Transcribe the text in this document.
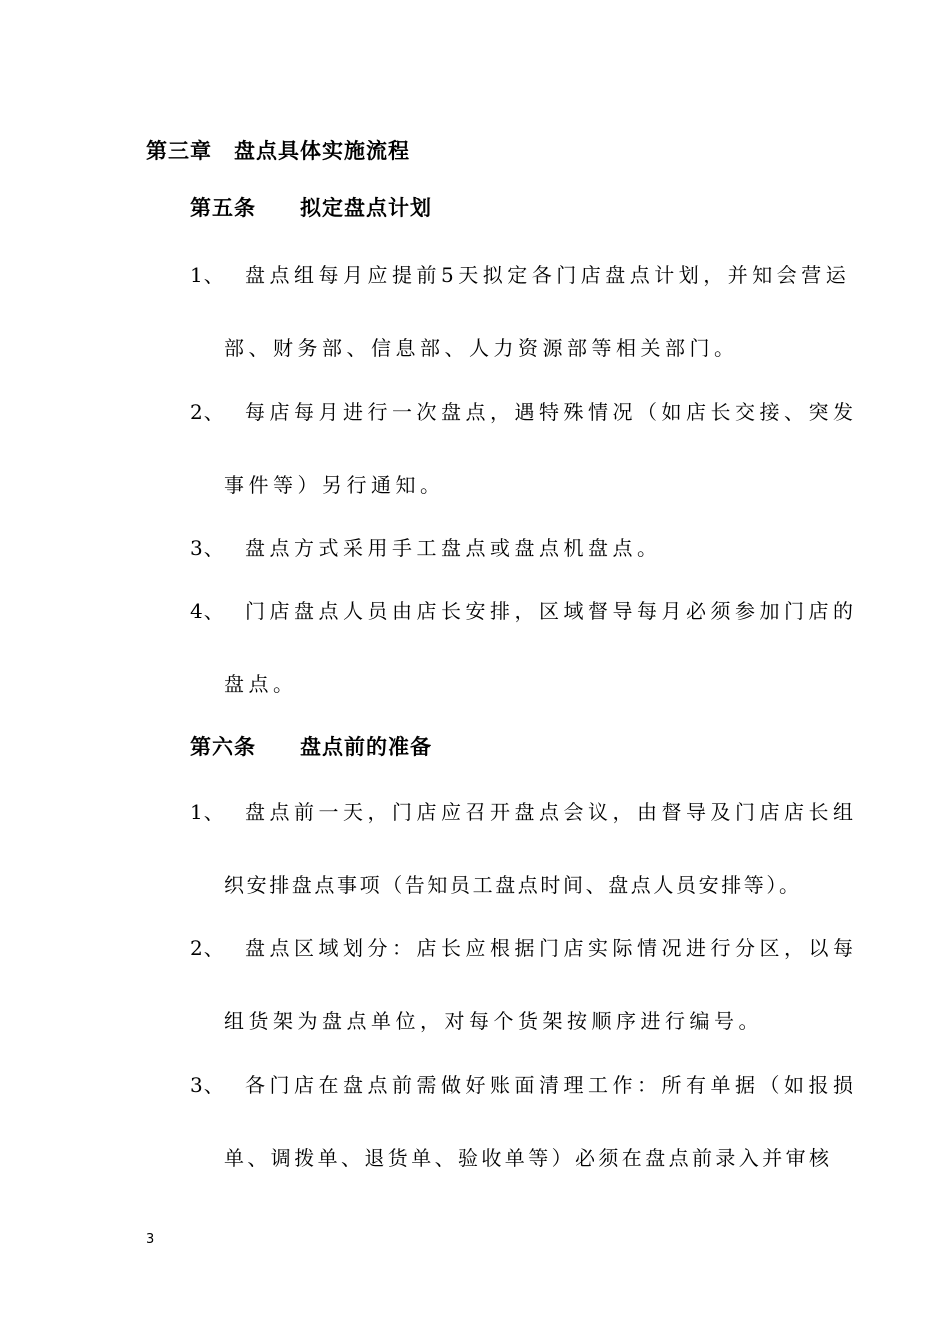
第三章　盘点具体实施流程
第五条 拟定盘点计划
1、 盘点组每月应提前5天拟定各门店盘点计划，并知会营运
部、财务部、信息部、人力资源部等相关部门。
2、 每店每月进行一次盘点，遇特殊情况（如店长交接、突发
事件等）另行通知。
3、 盘点方式采用手工盘点或盘点机盘点。
4、 门店盘点人员由店长安排，区域督导每月必须参加门店的
盘点。
第六条 盘点前的准备
1、 盘点前一天，门店应召开盘点会议，由督导及门店店长组
织安排盘点事项（告知员工盘点时间、盘点人员安排等）。
2、 盘点区域划分：店长应根据门店实际情况进行分区，以每
组货架为盘点单位，对每个货架按顺序进行编号。
3、 各门店在盘点前需做好账面清理工作：所有单据（如报损
单、调拨单、退货单、验收单等）必须在盘点前录入并审核
3
